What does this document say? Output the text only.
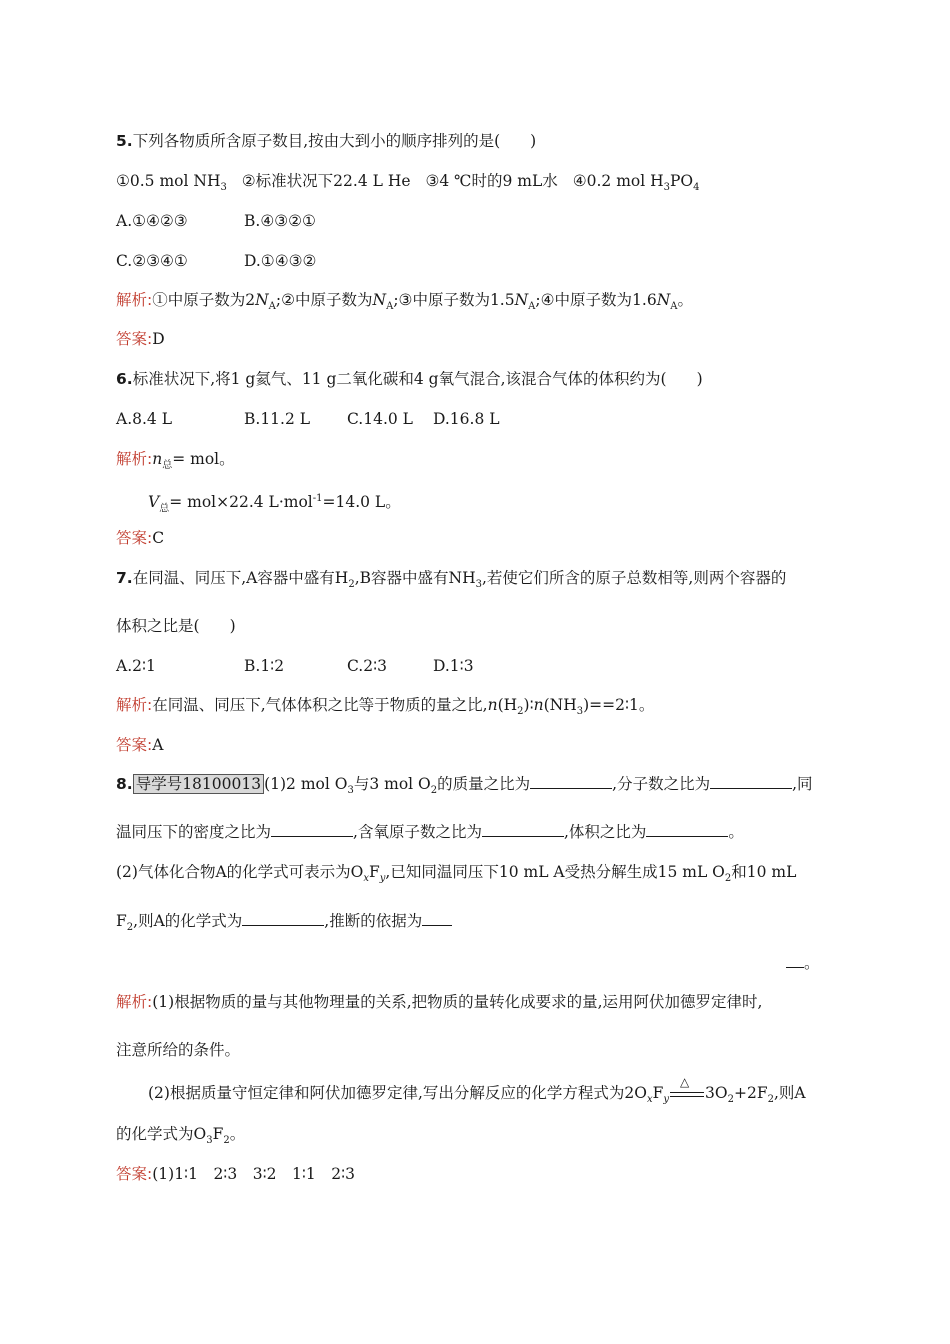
5.下列各物质所含原子数目,按由大到小的顺序排列的是( )
①0.5 mol $NH_3$ ②标准状况下22.4 L He ③4 ℃时的9 mL水 ④0.2 mol $H_3PO_4$
A.①④②③	B.④③②①
C.②③④①	D.①④③②
解析:①中原子数为$2N_A;②$中原子数为$N_A;③$中原子数为$1.5N_A;④$中原子数为$1.6N_A$。
答案:D
6.标准状况下,将1 g氦气、11 g二氧化碳和4 g氧气混合,该混合气体的体积约为( )
A.8.4 L	B.11.2 L C.14.0 L D.16.8 L
解析$:n_总=$ mol。
$V_总= mol\times 22.4$ L·mol$^{-1}$=14.0 L。
答案:C
7.在同温、同压下,A容器中盛有$H_2,B$容器中盛有$NH_3$,若使它们所含的原子总数相等,则两个容器的
体积之比是( )
A.2∶1	B.1∶2	C.2∶3	D.1∶3
解析:在同温、同压下,气体体积之比等于物质的量之比$,n(H_2)∶n(NH_3)==2∶1$。
答案:A
8. 导学号18100013 (1)2 mol $O_3$与3 mol $O_2$的质量之比为	,分子数之比为	,同
温同压下的密度之比为	,含氧原子数之比为	,体积之比为	。
(2)气体化合物A的化学式可表示为$O_xF_y$,已知同温同压下10 mL A受热分解生成15 mL $O_2$和10 mL
$F_2$,则A的化学式为	,推断的依据为
。
解析:(1)根据物质的量与其他物理量的关系,把物质的量转化成要求的量,运用阿伏加德罗定律时,
注意所给的条件。
(2)根据质量守恒定律和阿伏加德罗定律,写出分解反应的化学方程式为$2O_xF_y$
△
$3O_2+2F_2$,则A
的化学式为$O_3F_2$。
答案:(1)1∶1　2∶3　3∶2　1∶1　2∶3
